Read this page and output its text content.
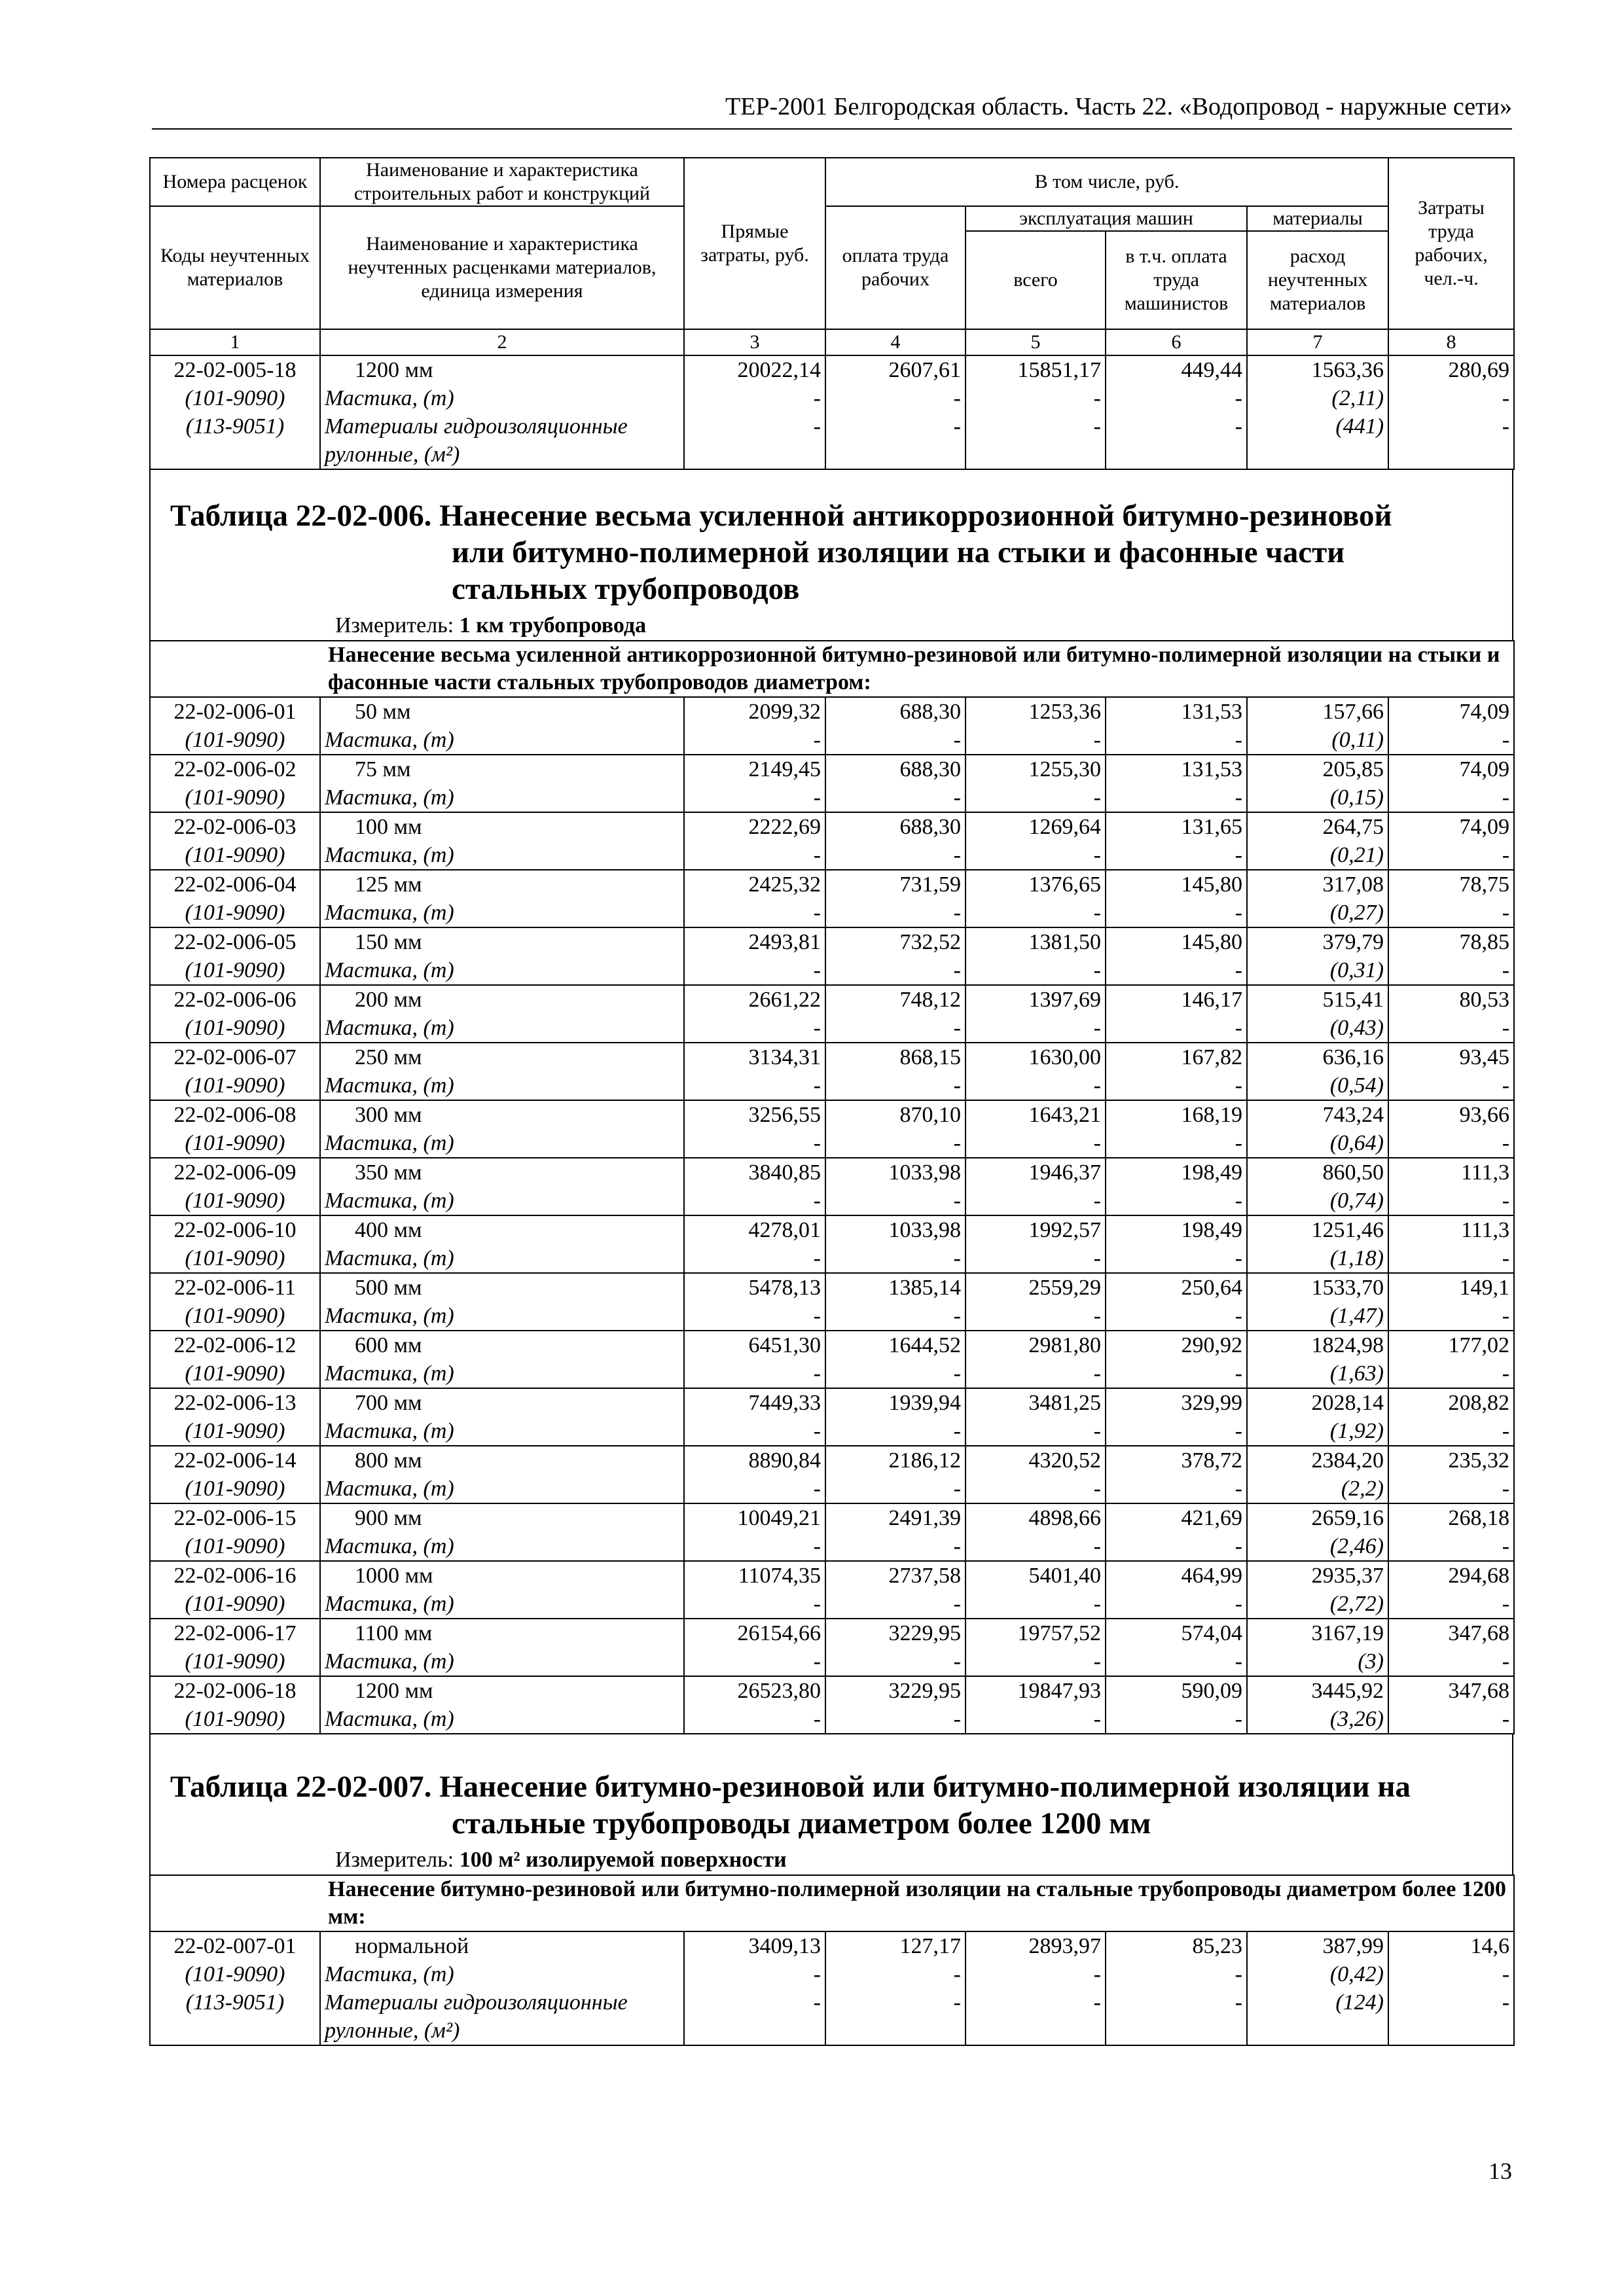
ТЕР-2001 Белгородская область. Часть 22. «Водопровод - наружные сети»
Номера расценок	Наименование и характеристика строительных работ и конструкций	Прямые затраты, руб.	В том числе, руб.				Затраты труда рабочих, чел.-ч.
Коды неучтенных материалов	Наименование и характеристика неучтенных расценками материалов, единица измерения		оплата труда рабочих	эксплуатация машин		материалы	
				всего	в т.ч. оплата труда машинистов	расход неучтенных материалов	
1	2	3	4	5	6	7	8
22-02-005-18	1200 мм	20022,14	2607,61	15851,17	449,44	1563,36	280,69
(101-9090)	Мастика, (т)	-	-	-	-	(2,11)	-
(113-9051)	Материалы гидроизоляционные	-	-	-	-	(441)	-
	рулонные, (м²)						
Таблица 22-02-006. Нанесение весьма усиленной антикоррозионной битумно-резиновой
или битумно-полимерной изоляции на стыки и фасонные части
стальных трубопроводов
Измеритель: 1 км трубопровода
	Нанесение весьма усиленной антикоррозионной битумно-резиновой или битумно-полимерной изоляции на стыки и фасонные части стальных трубопроводов диаметром:						
22-02-006-01	50 мм	2099,32	688,30	1253,36	131,53	157,66	74,09
(101-9090)	Мастика, (т)	-	-	-	-	(0,11)	-
22-02-006-02	75 мм	2149,45	688,30	1255,30	131,53	205,85	74,09
(101-9090)	Мастика, (т)	-	-	-	-	(0,15)	-
22-02-006-03	100 мм	2222,69	688,30	1269,64	131,65	264,75	74,09
(101-9090)	Мастика, (т)	-	-	-	-	(0,21)	-
22-02-006-04	125 мм	2425,32	731,59	1376,65	145,80	317,08	78,75
(101-9090)	Мастика, (т)	-	-	-	-	(0,27)	-
22-02-006-05	150 мм	2493,81	732,52	1381,50	145,80	379,79	78,85
(101-9090)	Мастика, (т)	-	-	-	-	(0,31)	-
22-02-006-06	200 мм	2661,22	748,12	1397,69	146,17	515,41	80,53
(101-9090)	Мастика, (т)	-	-	-	-	(0,43)	-
22-02-006-07	250 мм	3134,31	868,15	1630,00	167,82	636,16	93,45
(101-9090)	Мастика, (т)	-	-	-	-	(0,54)	-
22-02-006-08	300 мм	3256,55	870,10	1643,21	168,19	743,24	93,66
(101-9090)	Мастика, (т)	-	-	-	-	(0,64)	-
22-02-006-09	350 мм	3840,85	1033,98	1946,37	198,49	860,50	111,3
(101-9090)	Мастика, (т)	-	-	-	-	(0,74)	-
22-02-006-10	400 мм	4278,01	1033,98	1992,57	198,49	1251,46	111,3
(101-9090)	Мастика, (т)	-	-	-	-	(1,18)	-
22-02-006-11	500 мм	5478,13	1385,14	2559,29	250,64	1533,70	149,1
(101-9090)	Мастика, (т)	-	-	-	-	(1,47)	-
22-02-006-12	600 мм	6451,30	1644,52	2981,80	290,92	1824,98	177,02
(101-9090)	Мастика, (т)	-	-	-	-	(1,63)	-
22-02-006-13	700 мм	7449,33	1939,94	3481,25	329,99	2028,14	208,82
(101-9090)	Мастика, (т)	-	-	-	-	(1,92)	-
22-02-006-14	800 мм	8890,84	2186,12	4320,52	378,72	2384,20	235,32
(101-9090)	Мастика, (т)	-	-	-	-	(2,2)	-
22-02-006-15	900 мм	10049,21	2491,39	4898,66	421,69	2659,16	268,18
(101-9090)	Мастика, (т)	-	-	-	-	(2,46)	-
22-02-006-16	1000 мм	11074,35	2737,58	5401,40	464,99	2935,37	294,68
(101-9090)	Мастика, (т)	-	-	-	-	(2,72)	-
22-02-006-17	1100 мм	26154,66	3229,95	19757,52	574,04	3167,19	347,68
(101-9090)	Мастика, (т)	-	-	-	-	(3)	-
22-02-006-18	1200 мм	26523,80	3229,95	19847,93	590,09	3445,92	347,68
(101-9090)	Мастика, (т)	-	-	-	-	(3,26)	-
Таблица 22-02-007. Нанесение битумно-резиновой или битумно-полимерной изоляции на
стальные трубопроводы диаметром более 1200 мм
Измеритель: 100 м² изолируемой поверхности
	Нанесение битумно-резиновой или битумно-полимерной изоляции на стальные трубопроводы диаметром более 1200 мм:						
22-02-007-01	нормальной	3409,13	127,17	2893,97	85,23	387,99	14,6
(101-9090)	Мастика, (т)	-	-	-	-	(0,42)	-
(113-9051)	Материалы гидроизоляционные	-	-	-	-	(124)	-
	рулонные, (м²)						
13
